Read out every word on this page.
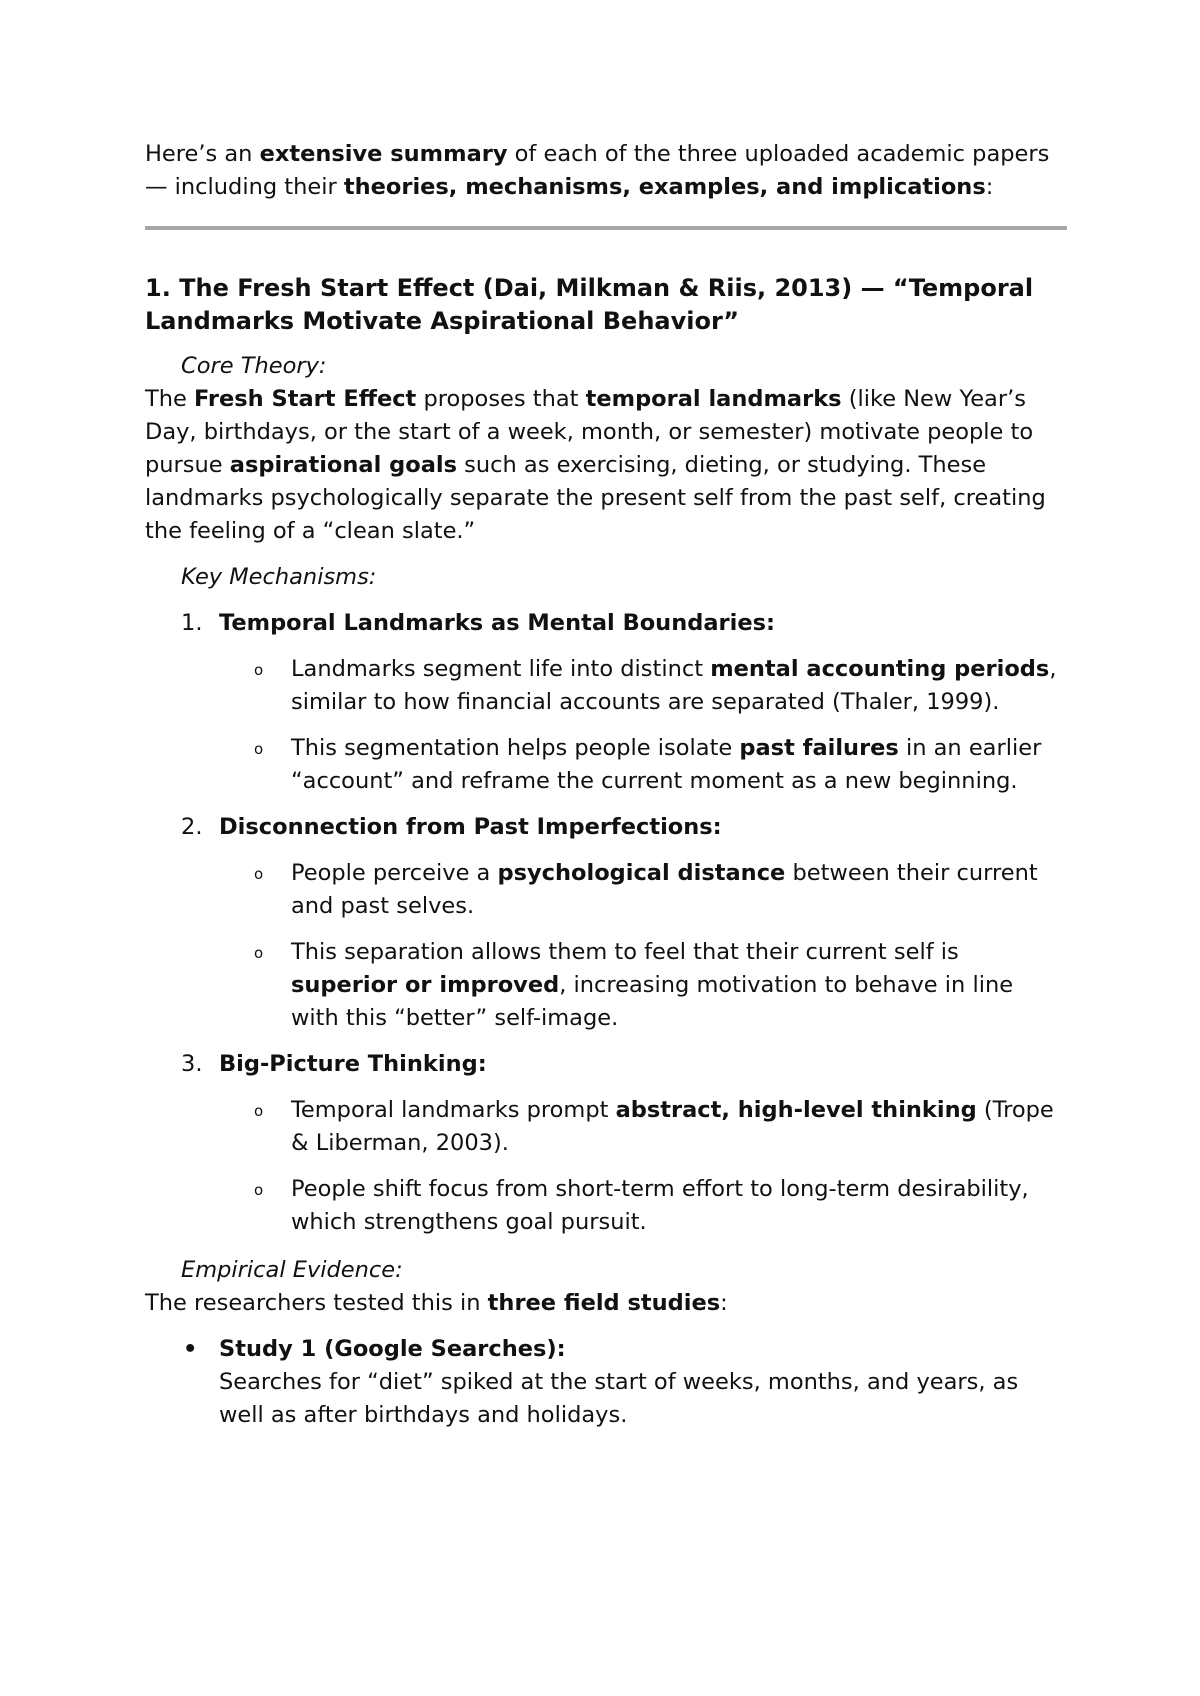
Here’s an extensive summary of each of the three uploaded academic papers — including their theories, mechanisms, examples, and implications:

1. The Fresh Start Effect (Dai, Milkman & Riis, 2013) — “Temporal Landmarks Motivate Aspirational Behavior”

Core Theory:

The Fresh Start Effect proposes that temporal landmarks (like New Year’s Day, birthdays, or the start of a week, month, or semester) motivate people to pursue aspirational goals such as exercising, dieting, or studying. These landmarks psychologically separate the present self from the past self, creating the feeling of a “clean slate.”

Key Mechanisms:

1. Temporal Landmarks as Mental Boundaries:
o Landmarks segment life into distinct mental accounting periods, similar to how financial accounts are separated (Thaler, 1999).

o This segmentation helps people isolate past failures in an earlier “account” and reframe the current moment as a new beginning.

2. Disconnection from Past Imperfections:
o People perceive a psychological distance between their current and past selves.

o This separation allows them to feel that their current self is superior or improved, increasing motivation to behave in line with this “better” self-image.

3. Big-Picture Thinking:
o Temporal landmarks prompt abstract, high-level thinking (Trope & Liberman, 2003).

o People shift focus from short-term effort to long-term desirability, which strengthens goal pursuit.

Empirical Evidence:

The researchers tested this in three field studies:

• Study 1 (Google Searches):

Searches for “diet” spiked at the start of weeks, months, and years, as well as after birthdays and holidays.
